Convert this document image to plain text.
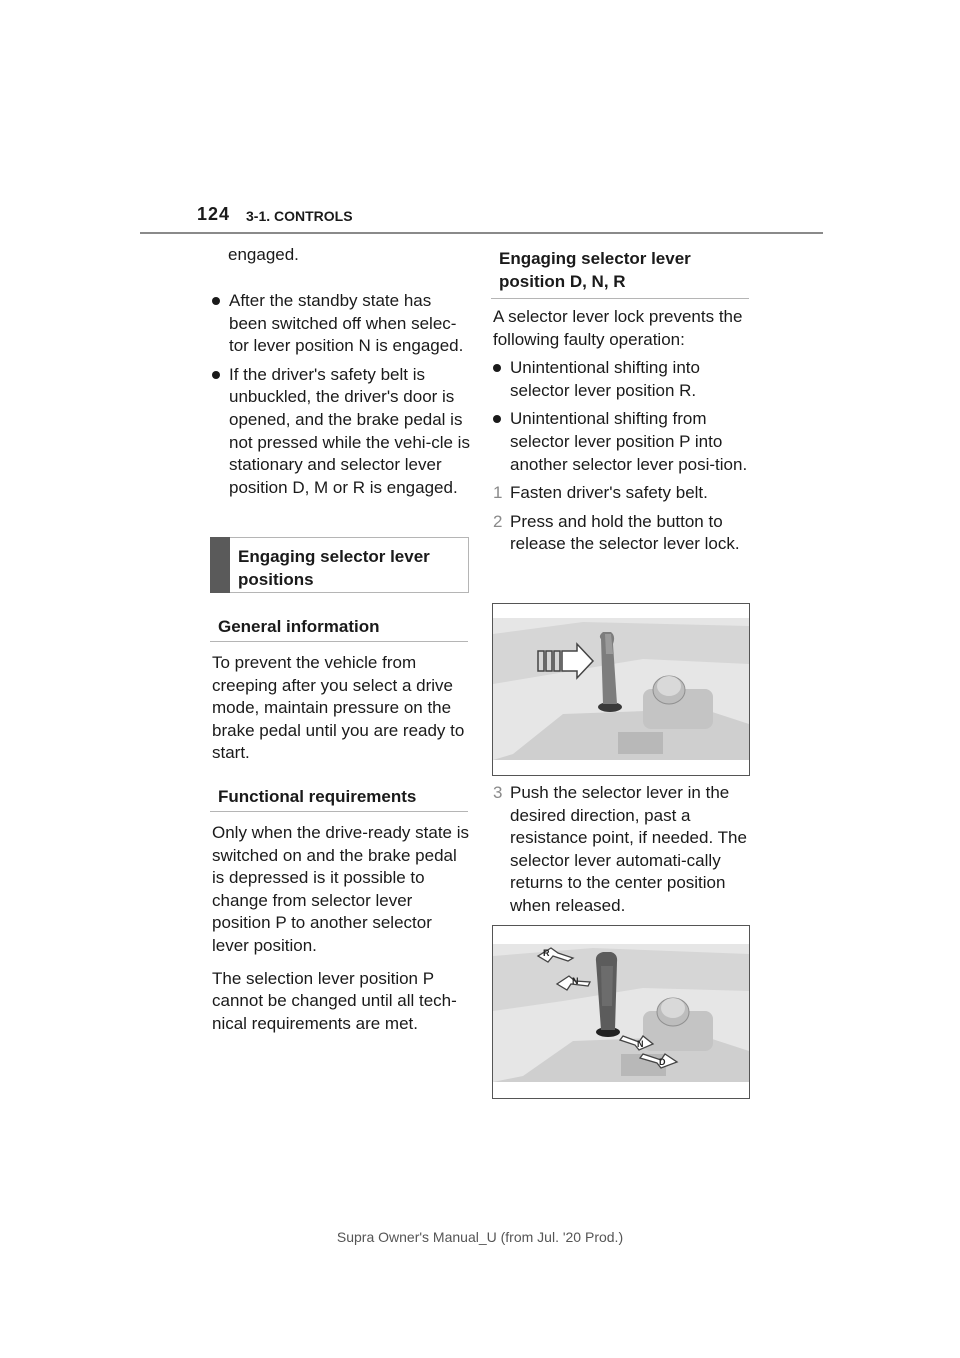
124 3-1. CONTROLS

engaged.

After the standby state has been switched off when selec-tor lever position N is engaged.

If the driver's safety belt is unbuckled, the driver's door is opened, and the brake pedal is not pressed while the vehi-cle is stationary and selector lever position D, M or R is engaged.

Engaging selector lever positions
General information

To prevent the vehicle from creeping after you select a drive mode, maintain pressure on the brake pedal until you are ready to start.

Functional requirements

Only when the drive-ready state is switched on and the brake pedal is depressed is it possible to change from selector lever position P to another selector lever position.

The selection lever position P cannot be changed until all tech-nical requirements are met.

Engaging selector lever position D, N, R

A selector lever lock prevents the following faulty operation:

Unintentional shifting into selector lever position R.

Unintentional shifting from selector lever position P into another selector lever posi-tion.

1 Fasten driver's safety belt.

2 Press and hold the button to release the selector lever lock.

3 Push the selector lever in the desired direction, past a resistance point, if needed. The selector lever automati-cally returns to the center position when released.

R
N
N
D
Supra Owner's Manual_U (from Jul. '20 Prod.)
